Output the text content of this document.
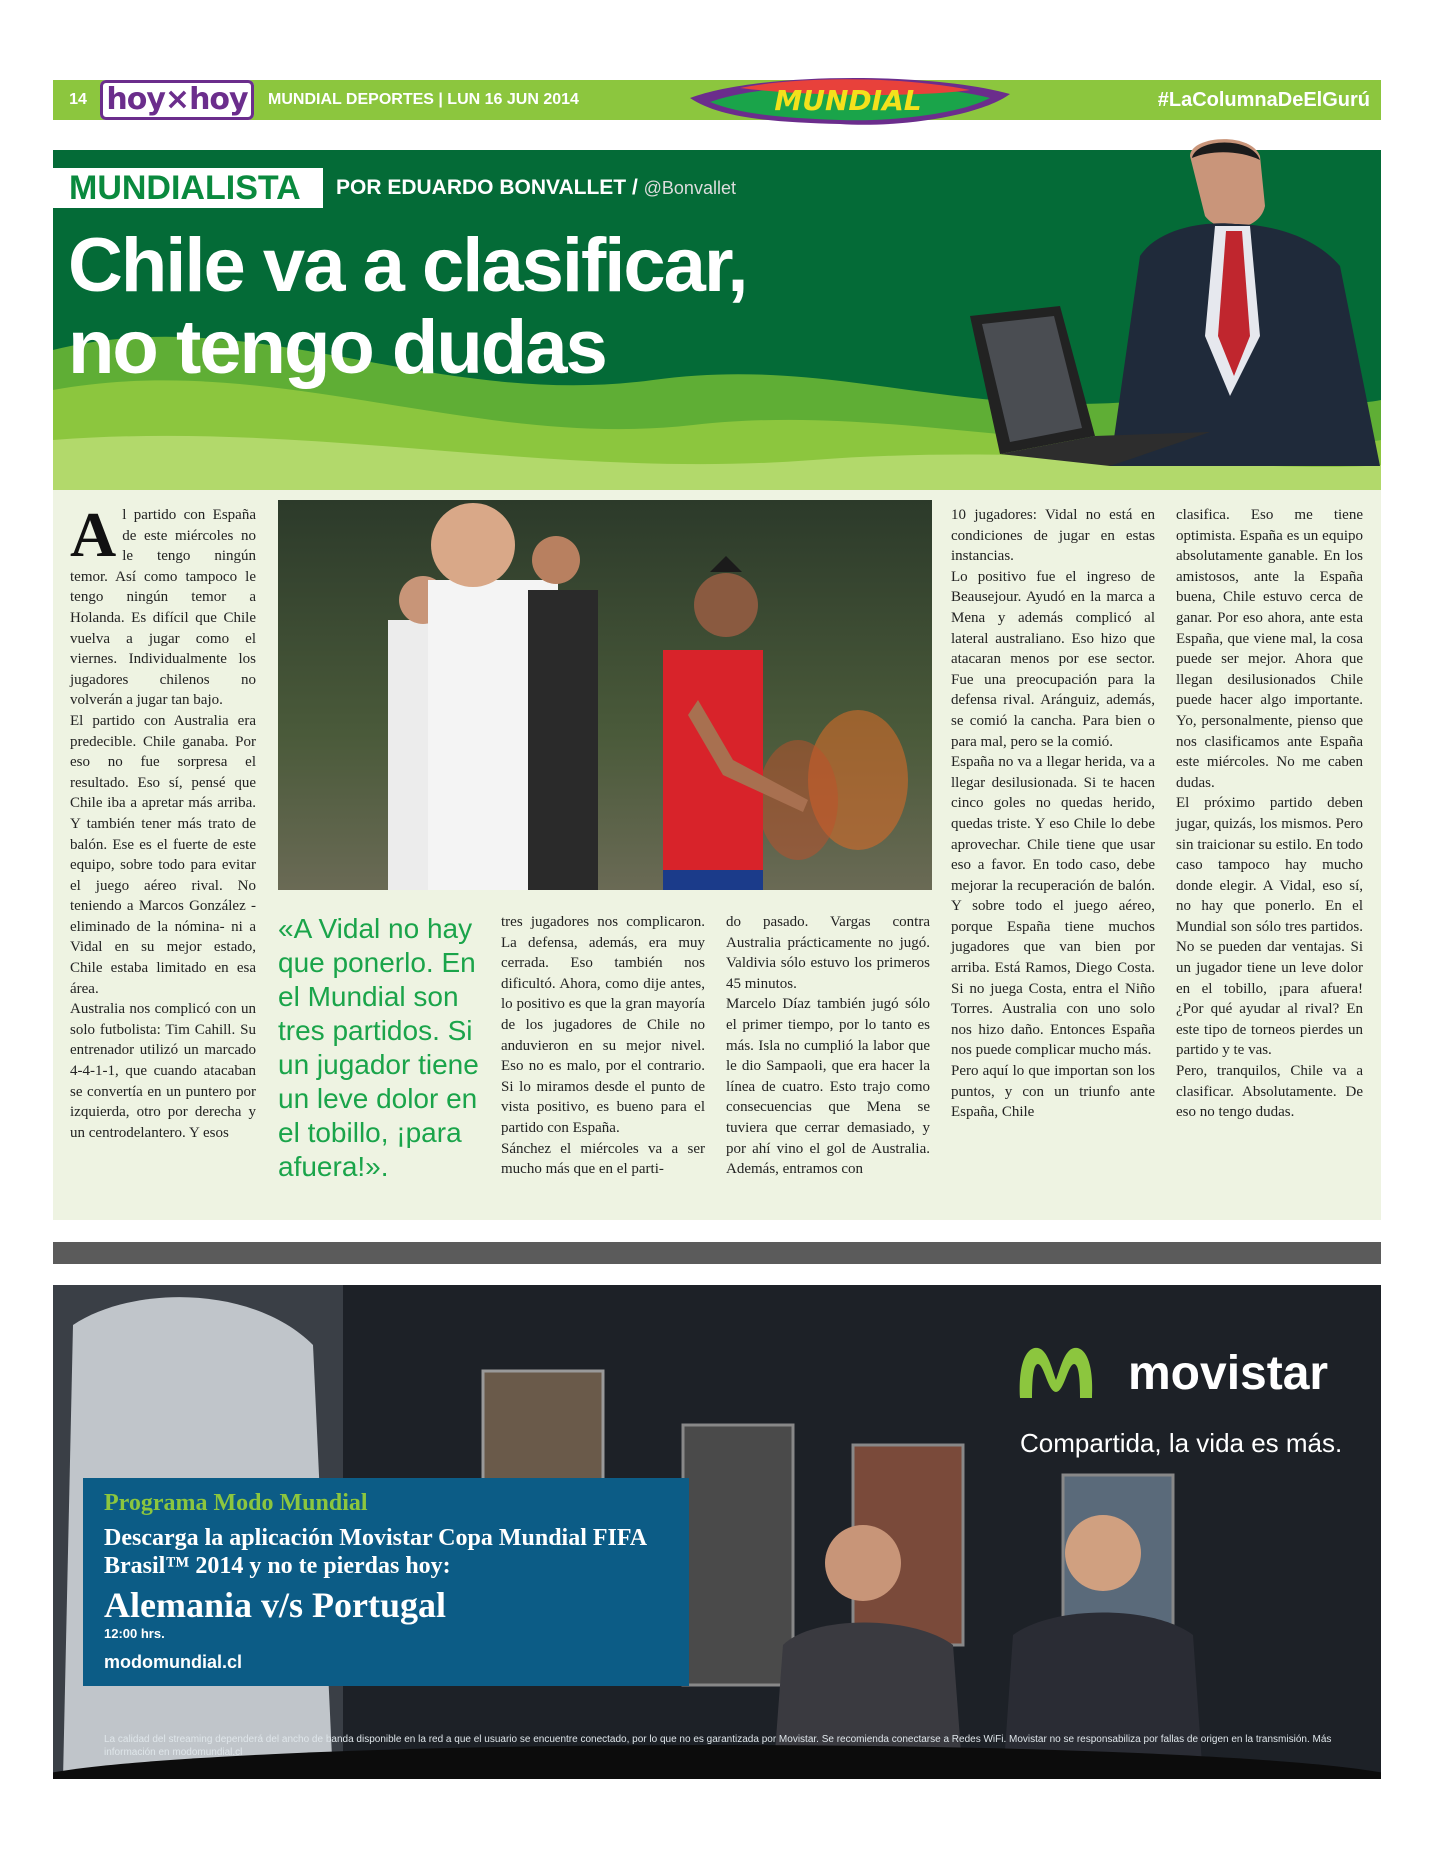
14 hoy×hoy	MUNDIAL DEPORTES | LUN 16 JUN 2014	MUNDIAL	#LaColumnaDeElGurú
MUNDIALISTA	POR EDUARDO BONVALLET / @Bonvallet
Chile va a clasificar,
no tengo dudas

Al partido con España de este miércoles no le tengo ningún temor. Así como tampoco le tengo ningún temor a Holanda. Es difícil que Chile vuelva a jugar como el viernes. Individualmente los jugadores chilenos no volverán a jugar tan bajo.

El partido con Australia era predecible. Chile ganaba. Por eso no fue sorpresa el resultado. Eso sí, pensé que Chile iba a apretar más arriba. Y también tener más trato de balón. Ese es el fuerte de este equipo, sobre todo para evitar el juego aéreo rival. No teniendo a Marcos González -eliminado de la nómina- ni a Vidal en su mejor estado, Chile estaba limitado en esa área.

Australia nos complicó con un solo futbolista: Tim Cahill. Su entrenador utilizó un marcado 4-4-1-1, que cuando atacaban se convertía en un puntero por izquierda, otro por derecha y un centrodelantero. Y esos

«A Vidal no hay que ponerlo. En el Mundial son tres partidos. Si un jugador tiene un leve dolor en el tobillo, ¡para afuera!».

tres jugadores nos complicaron. La defensa, además, era muy cerrada. Eso también nos dificultó. Ahora, como dije antes, lo positivo es que la gran mayoría de los jugadores de Chile no anduvieron en su mejor nivel. Eso no es malo, por el contrario. Si lo miramos desde el punto de vista positivo, es bueno para el partido con España.

Sánchez el miércoles va a ser mucho más que en el parti-

do pasado. Vargas contra Australia prácticamente no jugó. Valdivia sólo estuvo los primeros 45 minutos.

Marcelo Díaz también jugó sólo el primer tiempo, por lo tanto es más. Isla no cumplió la labor que le dio Sampaoli, que era hacer la línea de cuatro. Esto trajo como consecuencias que Mena se tuviera que cerrar demasiado, y por ahí vino el gol de Australia. Además, entramos con

10 jugadores: Vidal no está en condiciones de jugar en estas instancias.

Lo positivo fue el ingreso de Beausejour. Ayudó en la marca a Mena y además complicó al lateral australiano. Eso hizo que atacaran menos por ese sector. Fue una preocupación para la defensa rival. Aránguiz, además, se comió la cancha. Para bien o para mal, pero se la comió.

España no va a llegar herida, va a llegar desilusionada. Si te hacen cinco goles no quedas herido, quedas triste. Y eso Chile lo debe aprovechar. Chile tiene que usar eso a favor. En todo caso, debe mejorar la recuperación de balón. Y sobre todo el juego aéreo, porque España tiene muchos jugadores que van bien por arriba. Está Ramos, Diego Costa. Si no juega Costa, entra el Niño Torres. Australia con uno solo nos hizo daño. Entonces España nos puede complicar mucho más.

Pero aquí lo que importan son los puntos, y con un triunfo ante España, Chile

clasifica. Eso me tiene optimista. España es un equipo absolutamente ganable. En los amistosos, ante la España buena, Chile estuvo cerca de ganar. Por eso ahora, ante esta España, que viene mal, la cosa puede ser mejor. Ahora que llegan desilusionados Chile puede hacer algo importante. Yo, personalmente, pienso que nos clasificamos ante España este miércoles. No me caben dudas.

El próximo partido deben jugar, quizás, los mismos. Pero sin traicionar su estilo. En todo caso tampoco hay mucho donde elegir. A Vidal, eso sí, no hay que ponerlo. En el Mundial son sólo tres partidos. No se pueden dar ventajas. Si un jugador tiene un leve dolor en el tobillo, ¡para afuera! ¿Por qué ayudar al rival? En este tipo de torneos pierdes un partido y te vas.

Pero, tranquilos, Chile va a clasificar. Absolutamente. De eso no tengo dudas.

Programa Modo Mundial
Descarga la aplicación Movistar Copa Mundial FIFA Brasil™ 2014 y no te pierdas hoy:
Alemania v/s Portugal
12:00 hrs.
modomundial.cl
movistar
Compartida, la vida es más.
La calidad del streaming dependerá del ancho de banda disponible en la red a que el usuario se encuentre conectado, por lo que no es garantizada por Movistar. Se recomienda conectarse a Redes WiFi. Movistar no se responsabiliza por fallas de origen en la transmisión. Más información en modomundial.cl
